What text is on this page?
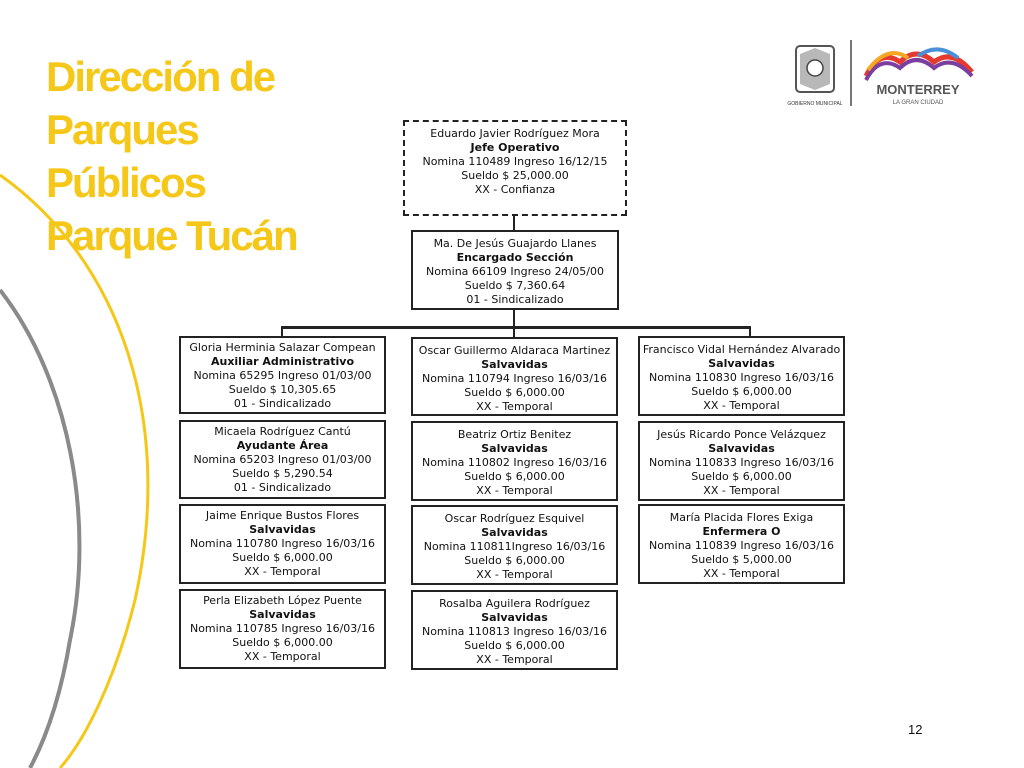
Dirección de
Parques
Públicos
Parque Tucán
GOBIERNO MUNICIPAL
MONTERREY
LA GRAN CIUDAD
Eduardo Javier Rodríguez Mora
Jefe Operativo
Nomina 110489 Ingreso 16/12/15
Sueldo $ 25,000.00
XX - Confianza
Ma. De Jesús Guajardo Llanes
Encargado Sección
Nomina 66109 Ingreso 24/05/00
Sueldo $ 7,360.64
01 - Sindicalizado
Gloria Herminia Salazar Compean
Auxiliar Administrativo
Nomina 65295 Ingreso 01/03/00
Sueldo $ 10,305.65
01 - Sindicalizado
Micaela Rodríguez Cantú
Ayudante Área
Nomina 65203 Ingreso 01/03/00
Sueldo $ 5,290.54
01 - Sindicalizado
Jaime Enrique Bustos Flores
Salvavidas
Nomina 110780 Ingreso 16/03/16
Sueldo $ 6,000.00
XX - Temporal
Perla Elizabeth López Puente
Salvavidas
Nomina 110785 Ingreso 16/03/16
Sueldo $ 6,000.00
XX - Temporal
Oscar Guillermo Aldaraca Martinez
Salvavidas
Nomina 110794 Ingreso 16/03/16
Sueldo $ 6,000.00
XX - Temporal
Beatriz Ortiz Benitez
Salvavidas
Nomina 110802 Ingreso 16/03/16
Sueldo $ 6,000.00
XX - Temporal
Oscar Rodríguez Esquivel
Salvavidas
Nomina 110811Ingreso 16/03/16
Sueldo $ 6,000.00
XX - Temporal
Rosalba Aguilera Rodríguez
Salvavidas
Nomina 110813 Ingreso 16/03/16
Sueldo $ 6,000.00
XX - Temporal
Francisco Vidal Hernández Alvarado
Salvavidas
Nomina 110830 Ingreso 16/03/16
Sueldo $ 6,000.00
XX - Temporal
Jesús Ricardo Ponce Velázquez
Salvavidas
Nomina 110833 Ingreso 16/03/16
Sueldo $ 6,000.00
XX - Temporal
María Placida Flores Exiga
Enfermera O
Nomina 110839 Ingreso 16/03/16
Sueldo $ 5,000.00
XX - Temporal
12
